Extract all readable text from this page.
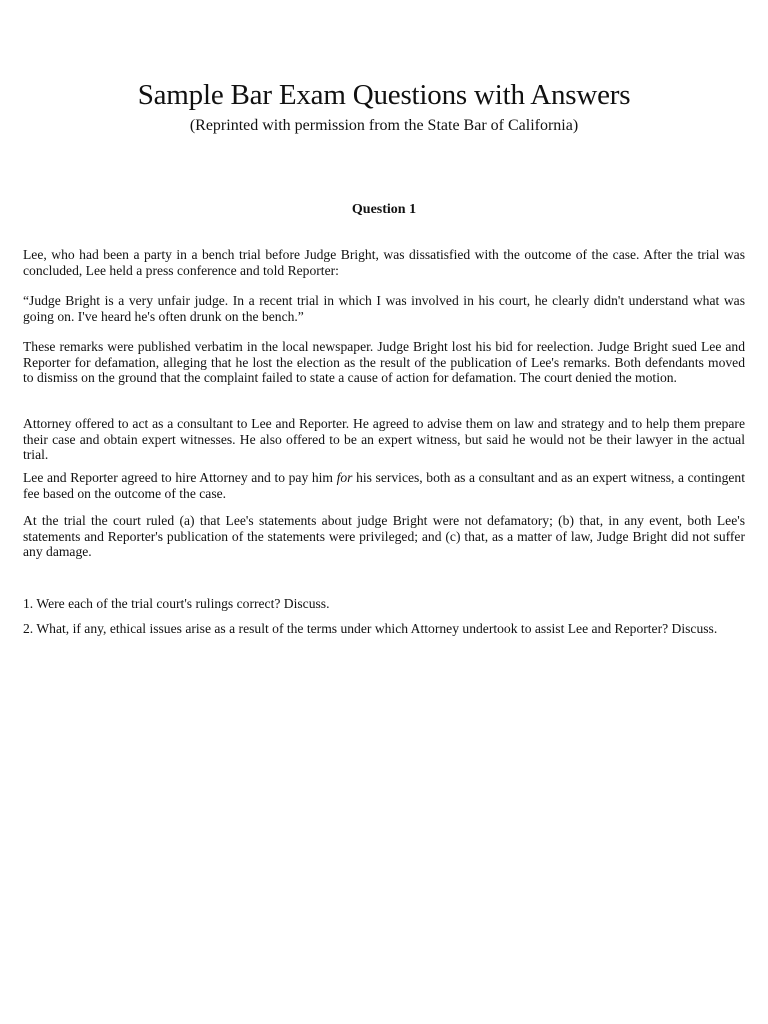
Sample Bar Exam Questions with Answers

(Reprinted with permission from the State Bar of California)

Question 1

Lee, who had been a party in a bench trial before Judge Bright, was dissatisfied with the outcome of the case. After the trial was concluded, Lee held a press conference and told Reporter:

“Judge Bright is a very unfair judge. In a recent trial in which I was involved in his court, he clearly didn't understand what was going on. I've heard he's often drunk on the bench.”

These remarks were published verbatim in the local newspaper. Judge Bright lost his bid for reelection. Judge Bright sued Lee and Reporter for defamation, alleging that he lost the election as the result of the publication of Lee's remarks. Both defendants moved to dismiss on the ground that the complaint failed to state a cause of action for defamation. The court denied the motion.

Attorney offered to act as a consultant to Lee and Reporter. He agreed to advise them on law and strategy and to help them prepare their case and obtain expert witnesses. He also offered to be an expert witness, but said he would not be their lawyer in the actual trial.

Lee and Reporter agreed to hire Attorney and to pay him for his services, both as a consultant and as an expert witness, a contingent fee based on the outcome of the case.

At the trial the court ruled (a) that Lee's statements about judge Bright were not defamatory; (b) that, in any event, both Lee's statements and Reporter's publication of the statements were privileged; and (c) that, as a matter of law, Judge Bright did not suffer any damage.

1. Were each of the trial court's rulings correct? Discuss.

2. What, if any, ethical issues arise as a result of the terms under which Attorney undertook to assist Lee and Reporter? Discuss.
